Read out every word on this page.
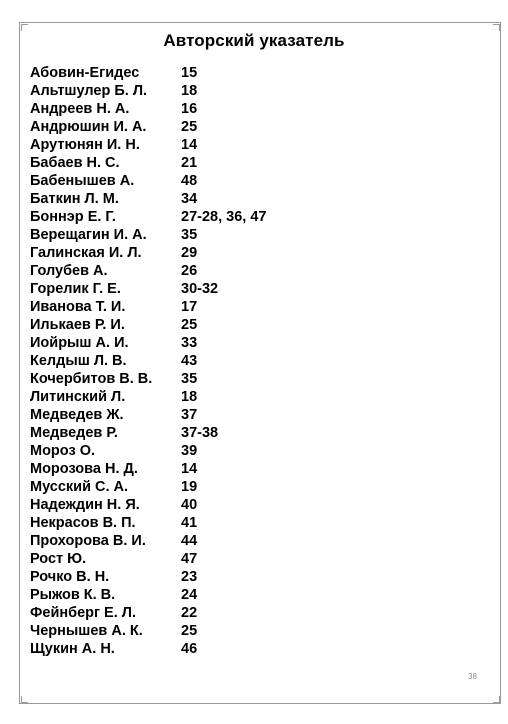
Авторский указатель
Абовин-Егидес	15
Альтшулер Б. Л.	18
Андреев Н. А.	16
Андрюшин И. А.	25
Арутюнян И. Н.	14
Бабаев Н. С.	21
Бабенышев А.	48
Баткин Л. М.	34
Боннэр Е. Г.	27-28, 36, 47
Верещагин И. А.	35
Галинская И. Л.	29
Голубев А.	26
Горелик Г. Е.	30-32
Иванова Т. И.	17
Илькаев Р. И.	25
Иойрыш А. И.	33
Келдыш Л. В.	43
Кочербитов В. В.	35
Литинский Л.	18
Медведев Ж.	37
Медведев Р.	37-38
Мороз О.	39
Морозова Н. Д.	14
Мусский С. А.	19
Надеждин Н. Я.	40
Некрасов В. П.	41
Прохорова В. И.	44
Рост Ю.	47
Рочко В. Н.	23
Рыжов К. В.	24
Фейнберг Е. Л.	22
Чернышев А. К.	25
Щукин А. Н.	46
38
